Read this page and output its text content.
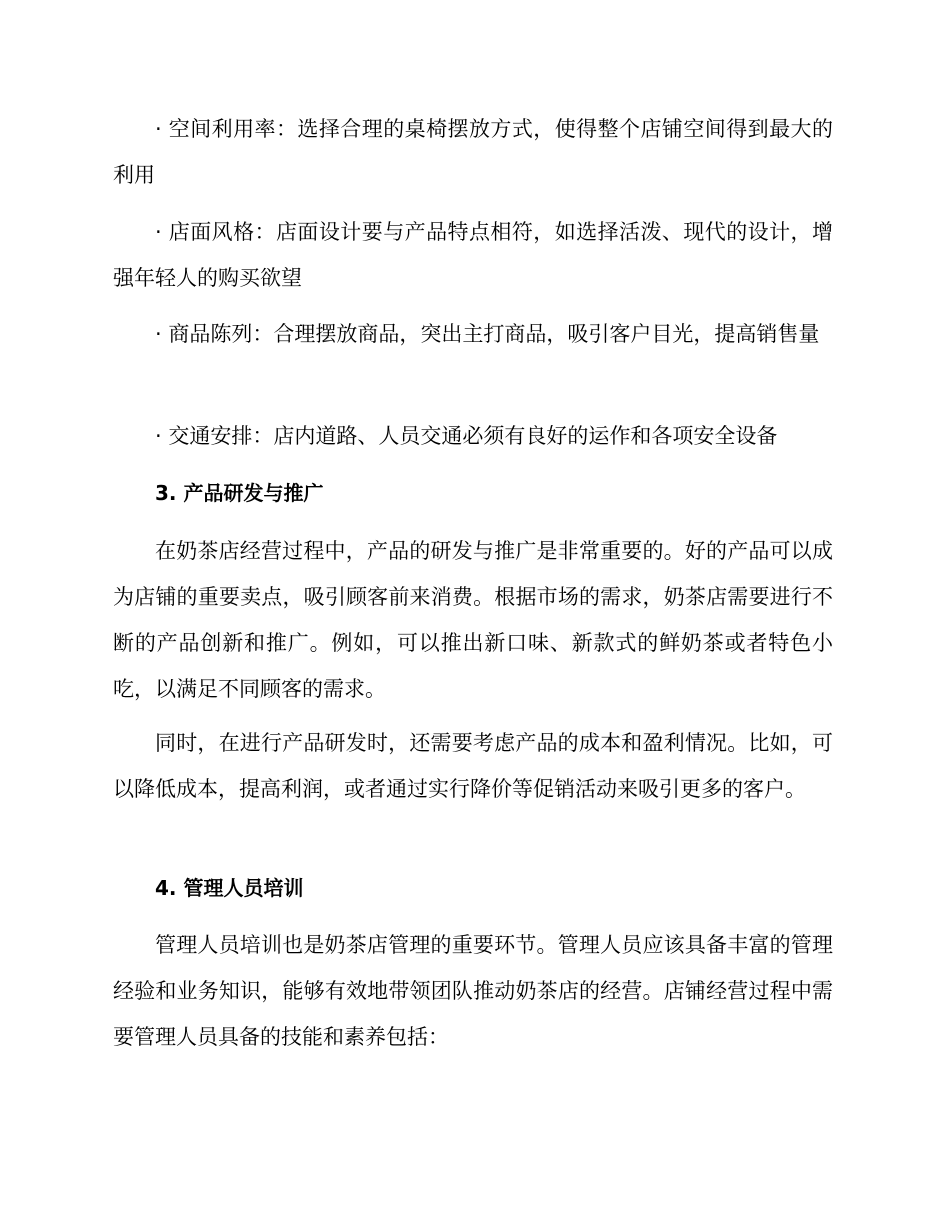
· 空间利用率：选择合理的桌椅摆放方式，使得整个店铺空间得到最大的利用

· 店面风格：店面设计要与产品特点相符，如选择活泼、现代的设计，增强年轻人的购买欲望

· 商品陈列：合理摆放商品，突出主打商品，吸引客户目光，提高销售量

· 交通安排：店内道路、人员交通必须有良好的运作和各项安全设备

3. 产品研发与推广

在奶茶店经营过程中，产品的研发与推广是非常重要的。好的产品可以成为店铺的重要卖点，吸引顾客前来消费。根据市场的需求，奶茶店需要进行不断的产品创新和推广。例如，可以推出新口味、新款式的鲜奶茶或者特色小吃，以满足不同顾客的需求。

同时，在进行产品研发时，还需要考虑产品的成本和盈利情况。比如，可以降低成本，提高利润，或者通过实行降价等促销活动来吸引更多的客户。

4. 管理人员培训

管理人员培训也是奶茶店管理的重要环节。管理人员应该具备丰富的管理经验和业务知识，能够有效地带领团队推动奶茶店的经营。店铺经营过程中需要管理人员具备的技能和素养包括：
